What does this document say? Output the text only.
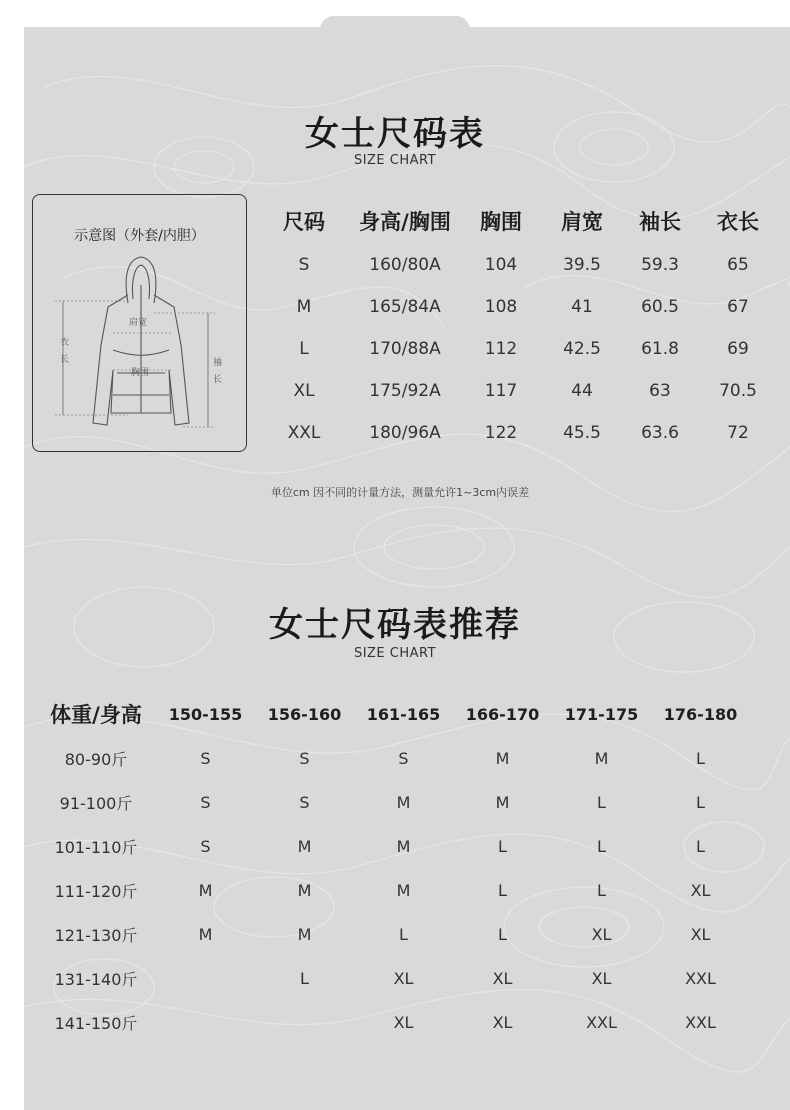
女士尺码表
SIZE CHART
示意图（外套/内胆）
肩宽
胸围
衣
长	袖
长
尺码	身高/胸围	胸围	肩宽	袖长	衣长
S	160/80A	104	39.5	59.3	65
M	165/84A	108	41	60.5	67
L	170/88A	112	42.5	61.8	69
XL	175/92A	117	44	63	70.5
XXL	180/96A	122	45.5	63.6	72
单位cm 因不同的计量方法，测量允许1~3cm内误差
女士尺码表推荐
SIZE CHART
体重/身高	150-155	156-160	161-165	166-170	171-175	176-180
80-90斤	S	S	S	M	M	L
91-100斤	S	S	M	M	L	L
101-110斤	S	M	M	L	L	L
111-120斤	M	M	M	L	L	XL
121-130斤	M	M	L	L	XL	XL
131-140斤		L	XL	XL	XL	XXL
141-150斤			XL	XL	XXL	XXL
